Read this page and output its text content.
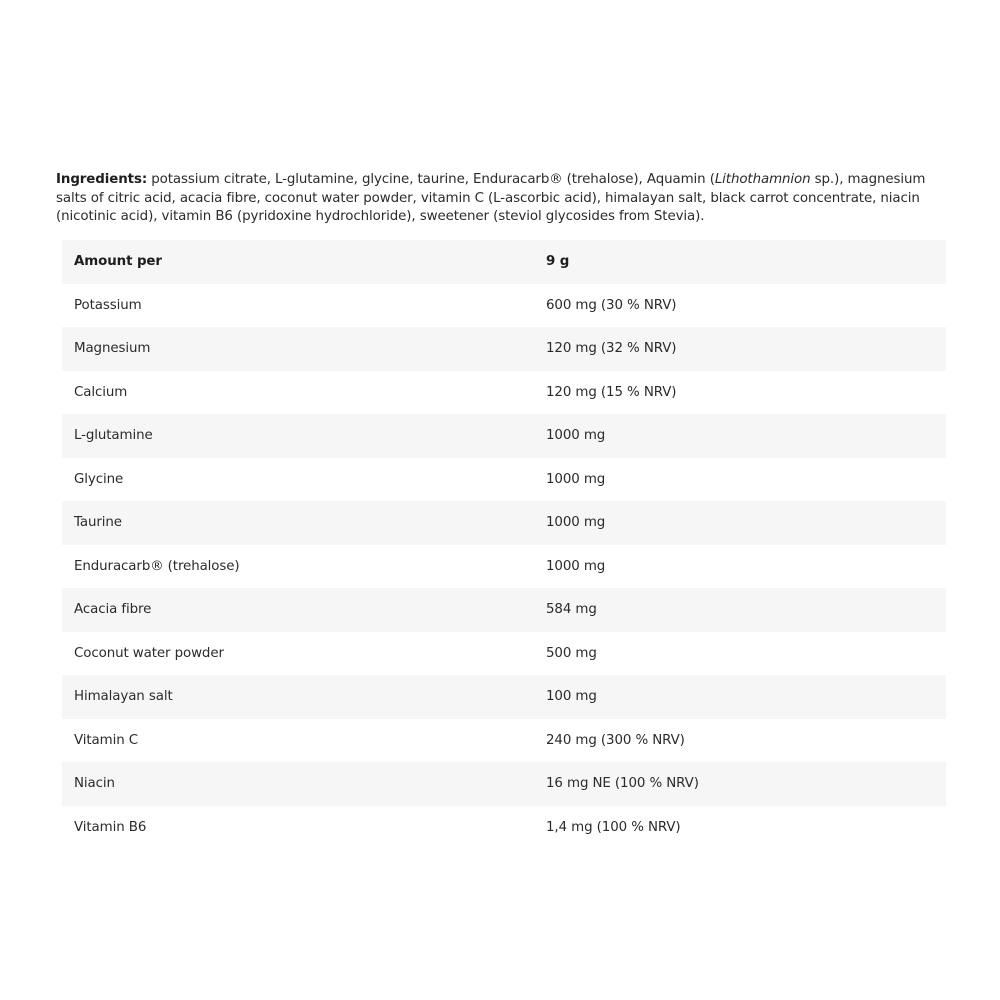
Ingredients: potassium citrate, L-glutamine, glycine, taurine, Enduracarb® (trehalose), Aquamin (Lithothamnion sp.), magnesium salts of citric acid, acacia fibre, coconut water powder, vitamin C (L-ascorbic acid), himalayan salt, black carrot concentrate, niacin (nicotinic acid), vitamin B6 (pyridoxine hydrochloride), sweetener (steviol glycosides from Stevia).

Amount per	9 g
Potassium	600 mg (30 % NRV)
Magnesium	120 mg (32 % NRV)
Calcium	120 mg (15 % NRV)
L-glutamine	1000 mg
Glycine	1000 mg
Taurine	1000 mg
Enduracarb® (trehalose)	1000 mg
Acacia fibre	584 mg
Coconut water powder	500 mg
Himalayan salt	100 mg
Vitamin C	240 mg (300 % NRV)
Niacin	16 mg NE (100 % NRV)
Vitamin B6	1,4 mg (100 % NRV)
